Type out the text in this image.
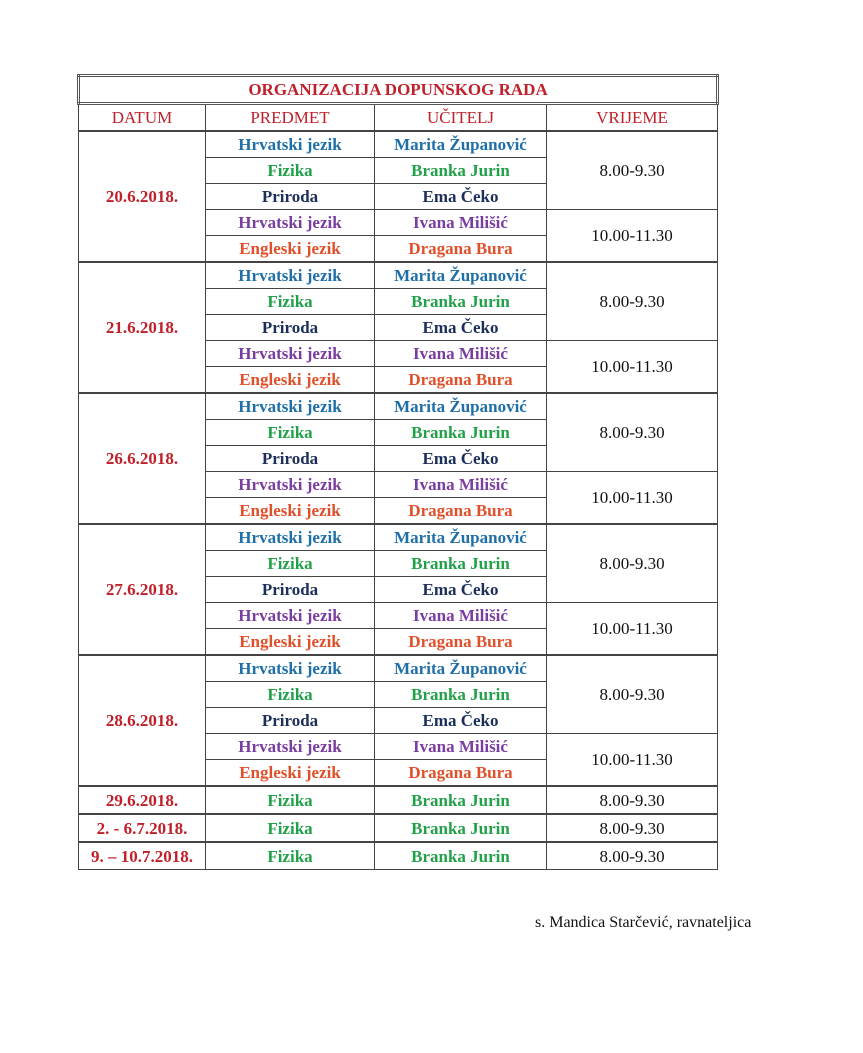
ORGANIZACIJA DOPUNSKOG RADA			
DATUM	PREDMET	UČITELJ	VRIJEME
20.6.2018.	Hrvatski jezik	Marita Županović	8.00-9.30
	Fizika	Branka Jurin	
	Priroda	Ema Čeko	
	Hrvatski jezik	Ivana Milišić	10.00-11.30
	Engleski jezik	Dragana Bura	
21.6.2018.	Hrvatski jezik	Marita Županović	8.00-9.30
	Fizika	Branka Jurin	
	Priroda	Ema Čeko	
	Hrvatski jezik	Ivana Milišić	10.00-11.30
	Engleski jezik	Dragana Bura	
26.6.2018.	Hrvatski jezik	Marita Županović	8.00-9.30
	Fizika	Branka Jurin	
	Priroda	Ema Čeko	
	Hrvatski jezik	Ivana Milišić	10.00-11.30
	Engleski jezik	Dragana Bura	
27.6.2018.	Hrvatski jezik	Marita Županović	8.00-9.30
	Fizika	Branka Jurin	
	Priroda	Ema Čeko	
	Hrvatski jezik	Ivana Milišić	10.00-11.30
	Engleski jezik	Dragana Bura	
28.6.2018.	Hrvatski jezik	Marita Županović	8.00-9.30
	Fizika	Branka Jurin	
	Priroda	Ema Čeko	
	Hrvatski jezik	Ivana Milišić	10.00-11.30
	Engleski jezik	Dragana Bura	
29.6.2018.	Fizika	Branka Jurin	8.00-9.30
2. - 6.7.2018.	Fizika	Branka Jurin	8.00-9.30
9. – 10.7.2018.	Fizika	Branka Jurin	8.00-9.30
s. Mandica Starčević, ravnateljica
